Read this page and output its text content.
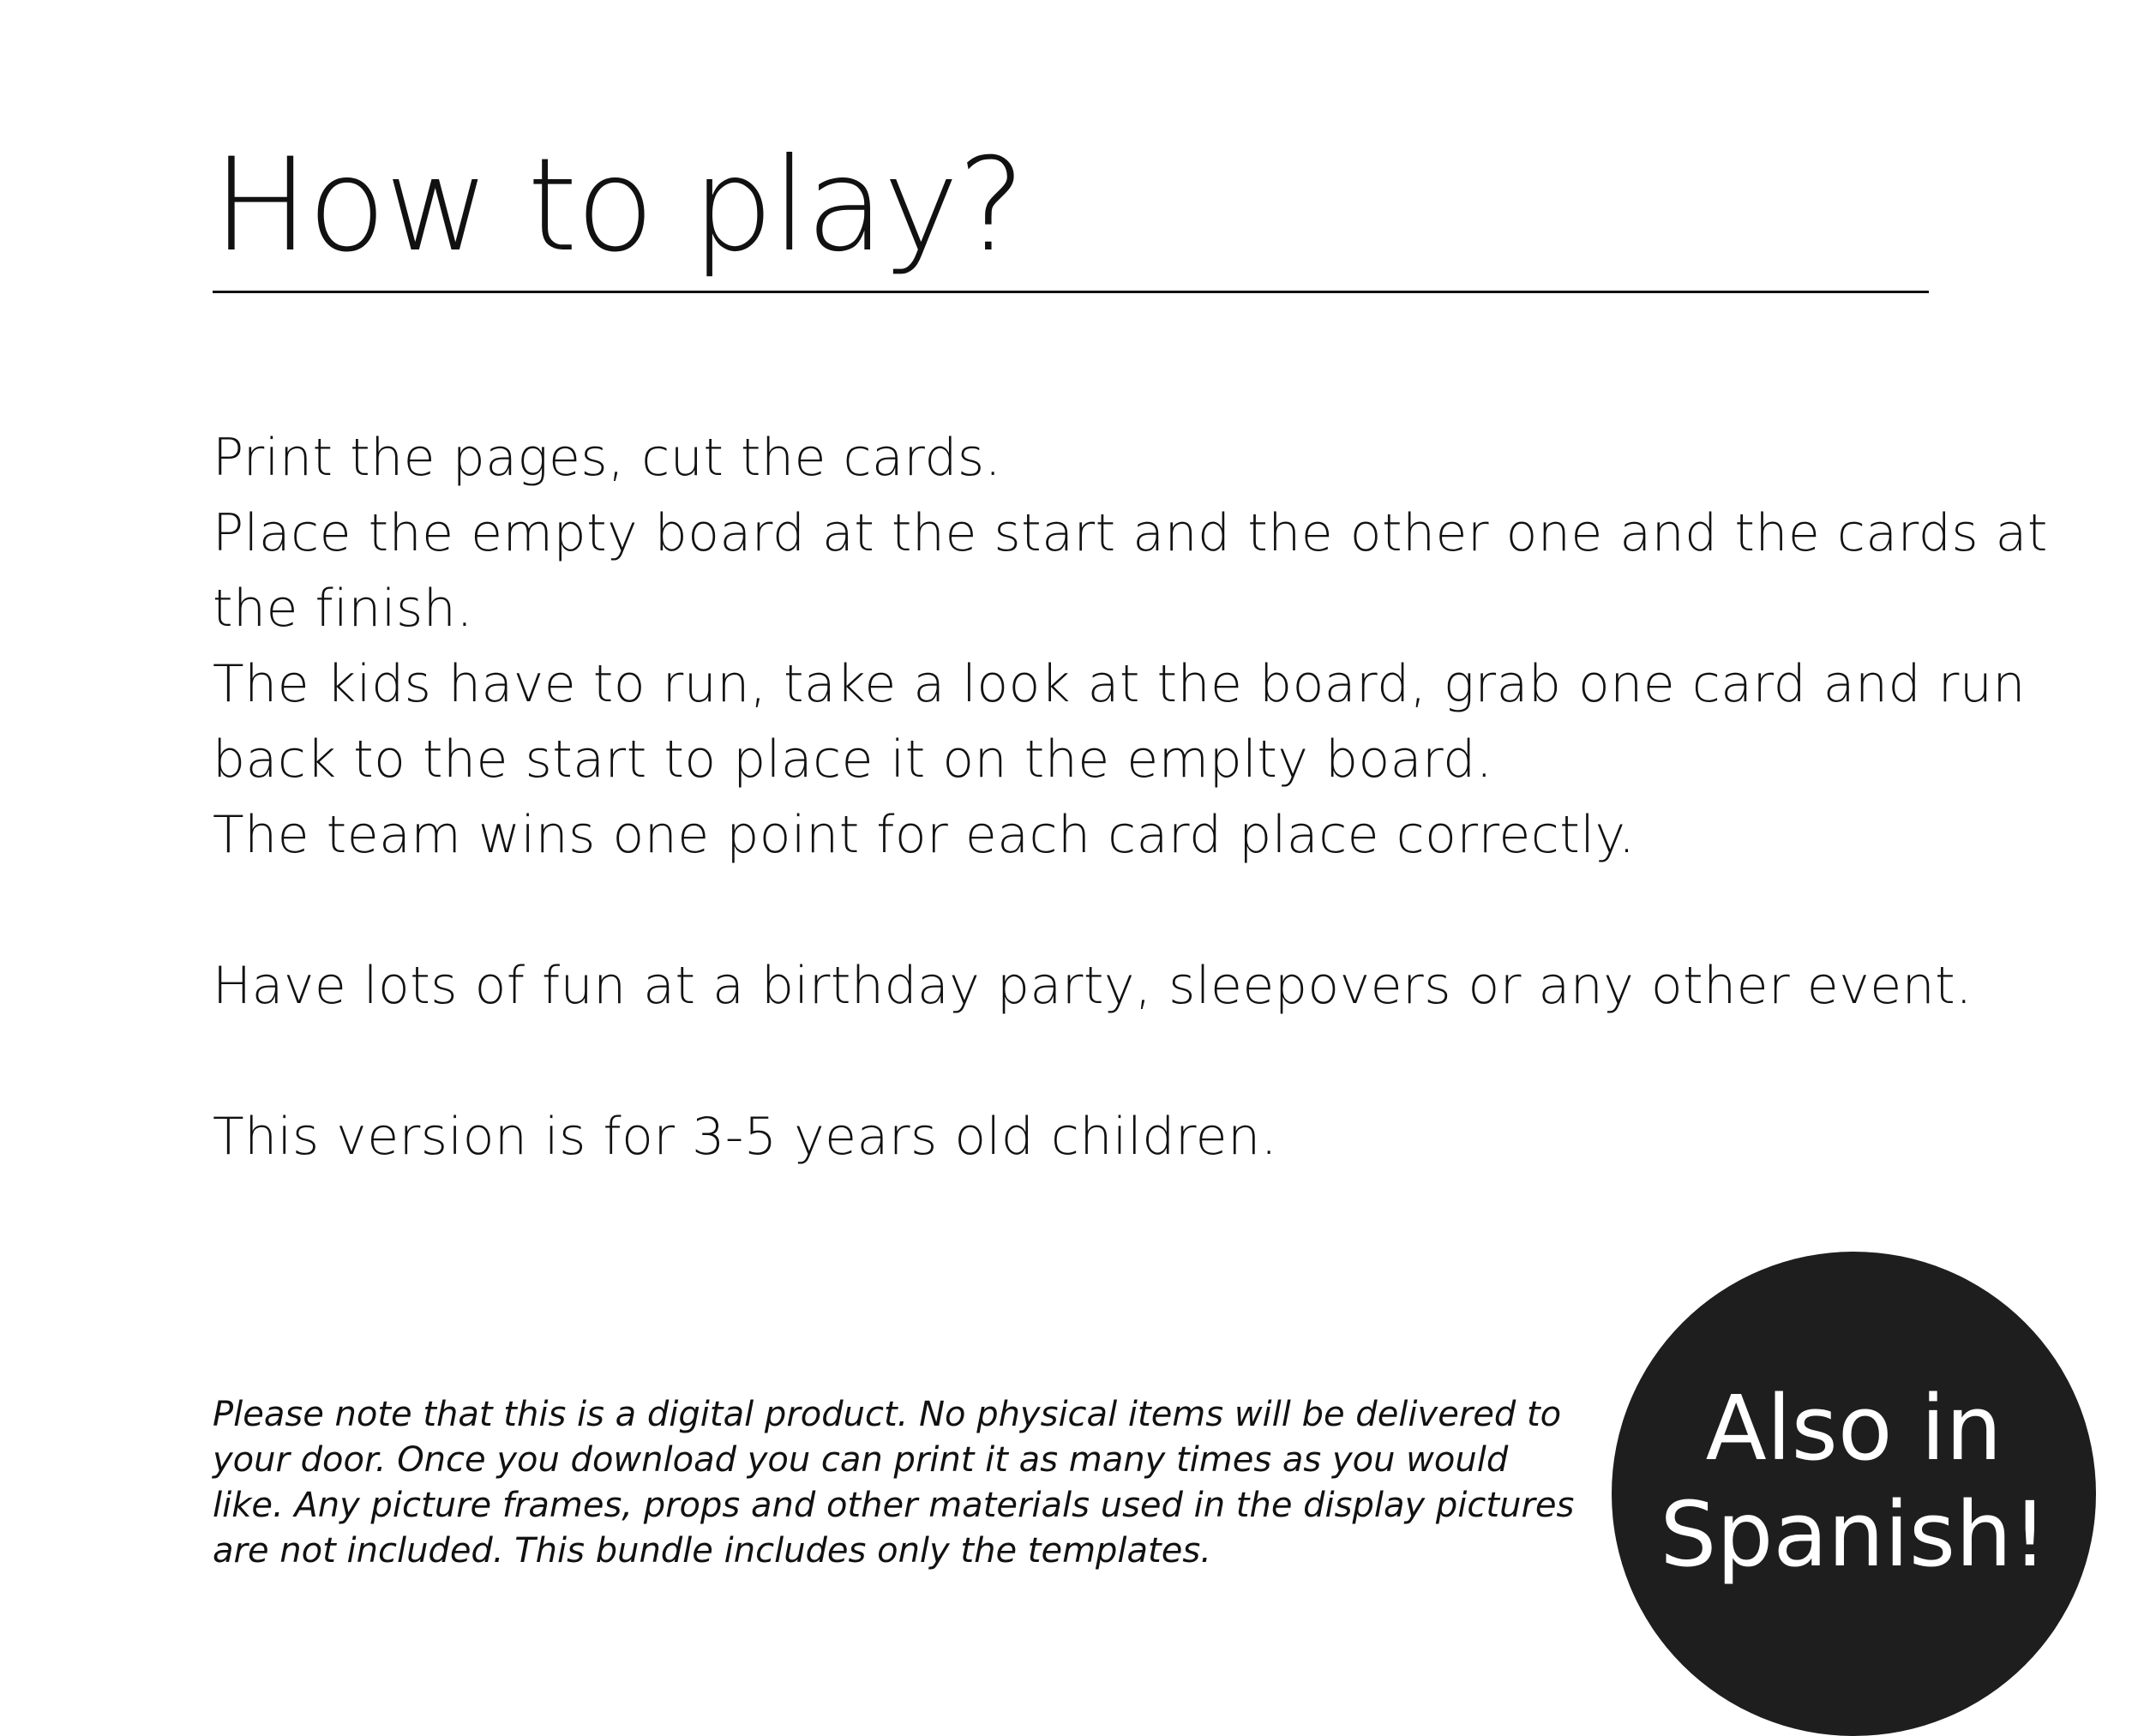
How to play?

Print the pages, cut the cards.

Place the empty board at the start and the other one and the cards at

the finish.

The kids have to run, take a look at the board, grab one card and run

back to the start to place it on the emplty board.

The team wins one point for each card place correctly.

Have lots of fun at a birthday party, sleepovers or any other event.

This version is for 3-5 years old children.

Please note that this is a digital product. No physical items will be delivered to
your door. Once you download you can print it as many times as you would
like. Any picture frames, props and other materials used in the display pictures
are not included. This bundle includes only the templates.
Also in
Spanish!
